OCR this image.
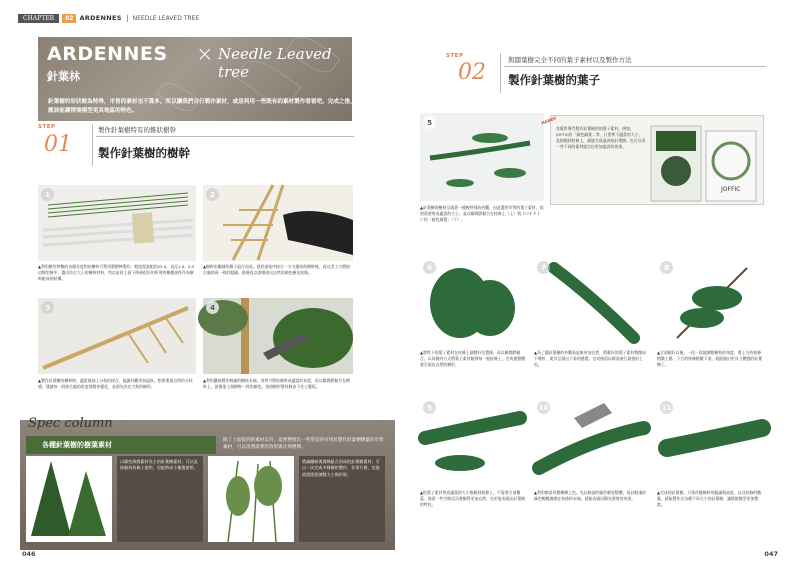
CHAPTER	02 ARDENNES	NEEDLE LEAVED TREE
ARDENNES × Needle Leaved tree
針葉林
針葉樹的形狀較為特殊，市售的素材也不算多。所以讓我們自行製作素材，或是利用一些既有的素材製作看看吧。完成之後，應該能讓情境模型更具地區的特色。
STEP
01
製作針葉樹特有的錐狀樹幹
製作針葉樹的樹幹
1
▲利用樹型參數的各個長度和的樹幹可利用塑膠棒製作。粗度從最粗的25.0、直徑1.0、0.5這類型號中，選出符合大小的樹幹材料，所以是從上面下降到很好的所用的幾種部件作為樹幹組成的結構。
2
▲樹幹由漸細的錐子組合而成。從底部依序接合一支支縮短的樹幹後，再以美工刀將接合處削成一致的粗細，最後再以漆噴塗出自然的褐色樹皮紋路。
3
▲製作針葉樹的樹幹時，適當地加上分枝的接合，能讓外觀更加逼真。想要重現自然的分枝感，建議每一段接合處的角度都稍作變化，並預先決定大致的樹形。
4
▲利用鐵絲製作較細的樹枝末端。用剪刀將枝條剪成適當的長度，再以瞬間膠黏合在樹幹上，最後塗上與樹幹一致的顏色。依照樹形將枝條由下往上變短。
Spec column
各種針葉樹的樹葉素材
除了上面提到的素材以外，這裡整理出一些常見的可用於製作針葉樹樹葉的市售素材，可以依照需要的效果與比例選擇。

以綠色海綿素材為主的針葉樹素材。可以直接黏到枝條上使用，也能剪成小塊後使用。

將細鐵絲與海綿組合而成的針葉樹素材。可以一次完成多棵樹的製作，非常方便，也能依照需要調整大小與形狀。

046
STEP
02	與闊葉樹完全不同的葉子素材以及製作方法
製作針葉樹的葉子
5
▲針葉樹的樹枝呈現著一種較特殊的外觀，因此選用市售的葉子素材，依照需要剪成適當的大小，並以瞬間膠黏合在枝條上（上）與ＪＯＦＦＩＣ的「綠色細葉」（下）。
JOFFIC
有販售專門製作針葉樹用的葉子素材。例如，JOFFIC的「綠色細葉」等，只要剪下適當的大小，直接黏到枝條上，就能完成逼真的針葉樹。也可以用一些不同的素材組合出更加逼真的效果。
HANDY
6
▲將剪下的葉子素材在枝條上調整好位置後，再以瞬間膠黏合。以同樣的方式將葉子素材黏到每一根枝條上，完成後整體會呈現出自然的樹形。
7
▲為了讓針葉樹的外觀看起來更加自然，將黏好的葉子素材稍微向下彎折，使其呈現出下垂的感覺。完成後再以噴漆進行最後的上色。
8
▲全部黏好以後，一段一段地調整樹枝的角度，將上方的枝條稍微上揚、下方的枝條稍微下垂，就能做出更具立體感的針葉樹了。
9
▲把葉子素材剪成適當的大小後黏到枝條上。不需要全部覆蓋，保留一些空隙反而會顯得更加自然，也更能表現出針葉樹的特色。
10
▲利用噴漆為整棵樹上色。先以較深的綠色噴塗整體，再以較淺的綠色輕輕地噴在枝條的末端，就能表現出陽光照射的效果。
11
▲完成的針葉樹。只要改變樹幹的粗細與高度，以及枝條的數量，就能製作出各種不同大小的針葉樹，讓情境模型更加豐富。
047
